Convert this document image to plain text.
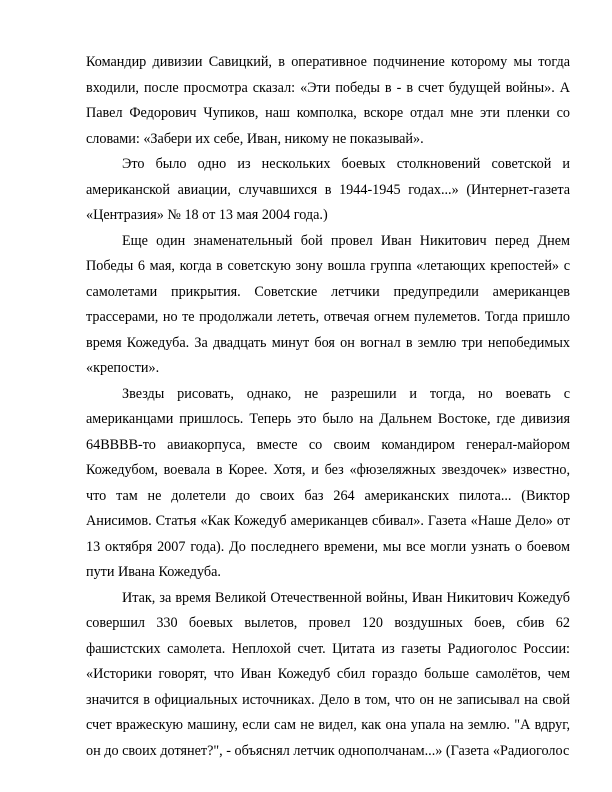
Командир дивизии Савицкий, в оперативное подчинение которому мы тогда входили, после просмотра сказал: «Эти победы в - в счет будущей войны». А Павел Федорович Чупиков, наш комполка, вскоре отдал мне эти пленки со словами: «Забери их себе, Иван, никому не показывай».

Это было одно из нескольких боевых столкновений советской и американской авиации, случавшихся в 1944-1945 годах...» (Интернет-газета «Центразия» № 18 от 13 мая 2004 года.)

Еще один знаменательный бой провел Иван Никитович перед Днем Победы 6 мая, когда в советскую зону вошла группа «летающих крепостей» с самолетами прикрытия. Советские летчики предупредили американцев трассерами, но те продолжали лететь, отвечая огнем пулеметов. Тогда пришло время Кожедуба. За двадцать минут боя он вогнал в землю три непобедимых «крепости».

Звезды рисовать, однако, не разрешили и тогда, но воевать с американцами пришлось. Теперь это было на Дальнем Востоке, где дивизия 64BBBB-то авиакорпуса, вместе со своим командиром генерал-майором Кожедубом, воевала в Корее. Хотя, и без «фюзеляжных звездочек» известно, что там не долетели до своих баз 264 американских пилота... (Виктор Анисимов. Статья «Как Кожедуб американцев сбивал». Газета «Наше Дело» от 13 октября 2007 года). До последнего времени, мы все могли узнать о боевом пути Ивана Кожедуба.

Итак, за время Великой Отечественной войны, Иван Никитович Кожедуб совершил 330 боевых вылетов, провел 120 воздушных боев, сбив 62 фашистских самолета. Неплохой счет. Цитата из газеты Радиоголос России: «Историки говорят, что Иван Кожедуб сбил гораздо больше самолётов, чем значится в официальных источниках. Дело в том, что он не записывал на свой счет вражескую машину, если сам не видел, как она упала на землю. "А вдруг, он до своих дотянет?", - объяснял летчик однополчанам...» (Газета «Радиоголос
